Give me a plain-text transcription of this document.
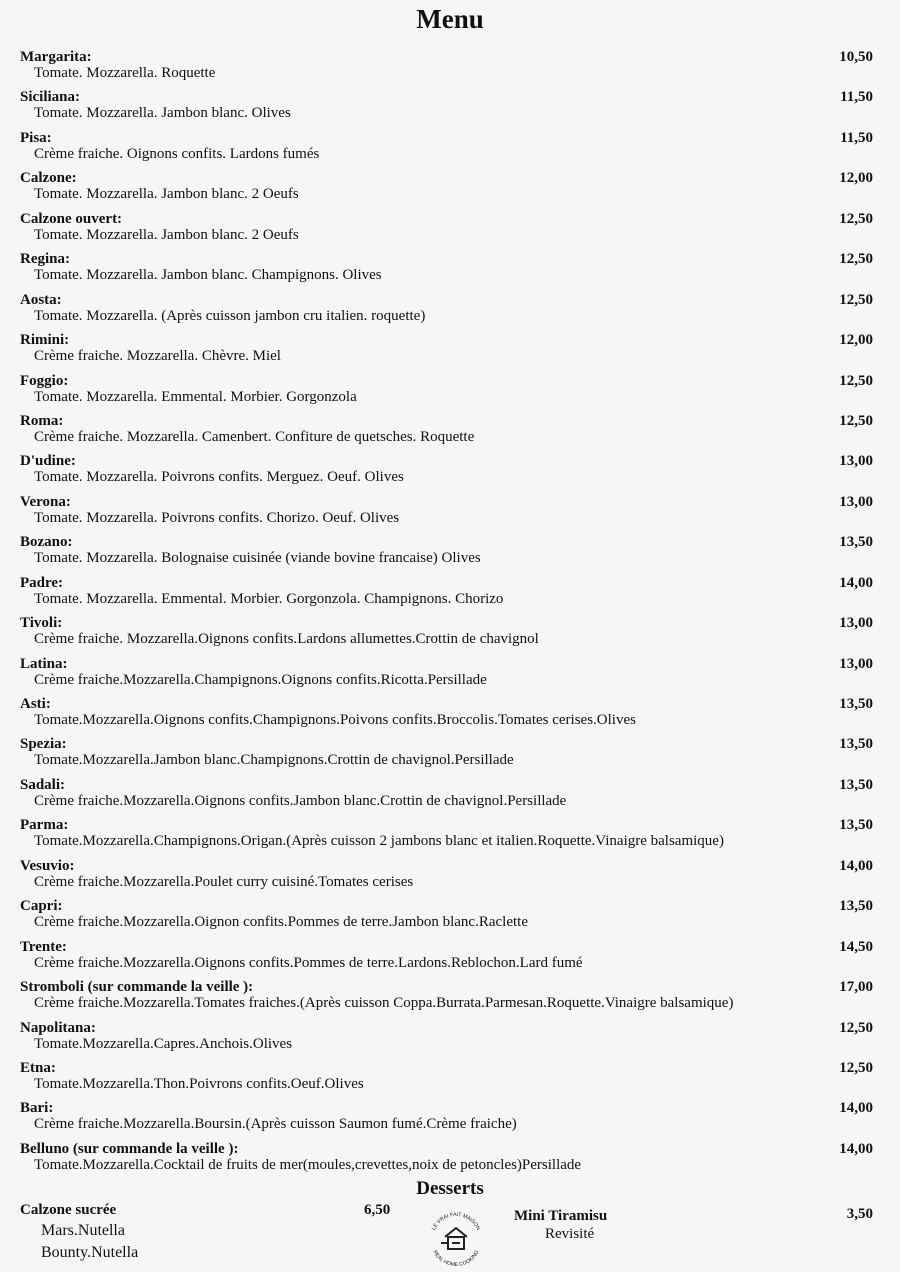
Menu
Margarita:
Tomate. Mozzarella. Roquette
10,50
Siciliana:
Tomate. Mozzarella. Jambon blanc. Olives
11,50
Pisa:
Crème fraiche. Oignons confits. Lardons fumés
11,50
Calzone:
Tomate. Mozzarella. Jambon blanc. 2 Oeufs
12,00
Calzone ouvert:
Tomate. Mozzarella. Jambon blanc. 2 Oeufs
12,50
Regina:
Tomate. Mozzarella. Jambon blanc. Champignons. Olives
12,50
Aosta:
Tomate. Mozzarella. (Après cuisson jambon cru italien. roquette)
12,50
Rimini:
Crème fraiche. Mozzarella. Chèvre. Miel
12,00
Foggio:
Tomate. Mozzarella. Emmental. Morbier. Gorgonzola
12,50
Roma:
Crème fraiche. Mozzarella. Camenbert. Confiture de quetsches. Roquette
12,50
D'udine:
Tomate. Mozzarella. Poivrons confits. Merguez. Oeuf. Olives
13,00
Verona:
Tomate. Mozzarella. Poivrons confits. Chorizo. Oeuf. Olives
13,00
Bozano:
Tomate. Mozzarella. Bolognaise cuisinée (viande bovine francaise) Olives
13,50
Padre:
Tomate. Mozzarella. Emmental. Morbier. Gorgonzola. Champignons. Chorizo
14,00
Tivoli:
Crème fraiche. Mozzarella.Oignons confits.Lardons allumettes.Crottin de chavignol
13,00
Latina:
Crème fraiche.Mozzarella.Champignons.Oignons confits.Ricotta.Persillade
13,00
Asti:
Tomate.Mozzarella.Oignons confits.Champignons.Poivons confits.Broccolis.Tomates cerises.Olives
13,50
Spezia:
Tomate.Mozzarella.Jambon blanc.Champignons.Crottin de chavignol.Persillade
13,50
Sadali:
Crème fraiche.Mozzarella.Oignons confits.Jambon blanc.Crottin de chavignol.Persillade
13,50
Parma:
Tomate.Mozzarella.Champignons.Origan.(Après cuisson 2 jambons blanc et italien.Roquette.Vinaigre balsamique)
13,50
Vesuvio:
Crème fraiche.Mozzarella.Poulet curry cuisiné.Tomates cerises
14,00
Capri:
Crème fraiche.Mozzarella.Oignon confits.Pommes de terre.Jambon blanc.Raclette
13,50
Trente:
Crème fraiche.Mozzarella.Oignons confits.Pommes de terre.Lardons.Reblochon.Lard fumé
14,50
Stromboli (sur commande la veille ):
Crème fraiche.Mozzarella.Tomates fraiches.(Après cuisson Coppa.Burrata.Parmesan.Roquette.Vinaigre balsamique)
17,00
Napolitana:
Tomate.Mozzarella.Capres.Anchois.Olives
12,50
Etna:
Tomate.Mozzarella.Thon.Poivrons confits.Oeuf.Olives
12,50
Bari:
Crème fraiche.Mozzarella.Boursin.(Après cuisson Saumon fumé.Crème fraiche)
14,00
Belluno (sur commande la veille ):
Tomate.Mozzarella.Cocktail de fruits de mer(moules,crevettes,noix de petoncles)Persillade
14,00
Desserts
Calzone sucrée
Mars.Nutella
Bounty.Nutella
6,50
LE VRAI FAIT MAISON
REAL HOME COOKING
Mini Tiramisu
Revisité
3,50
